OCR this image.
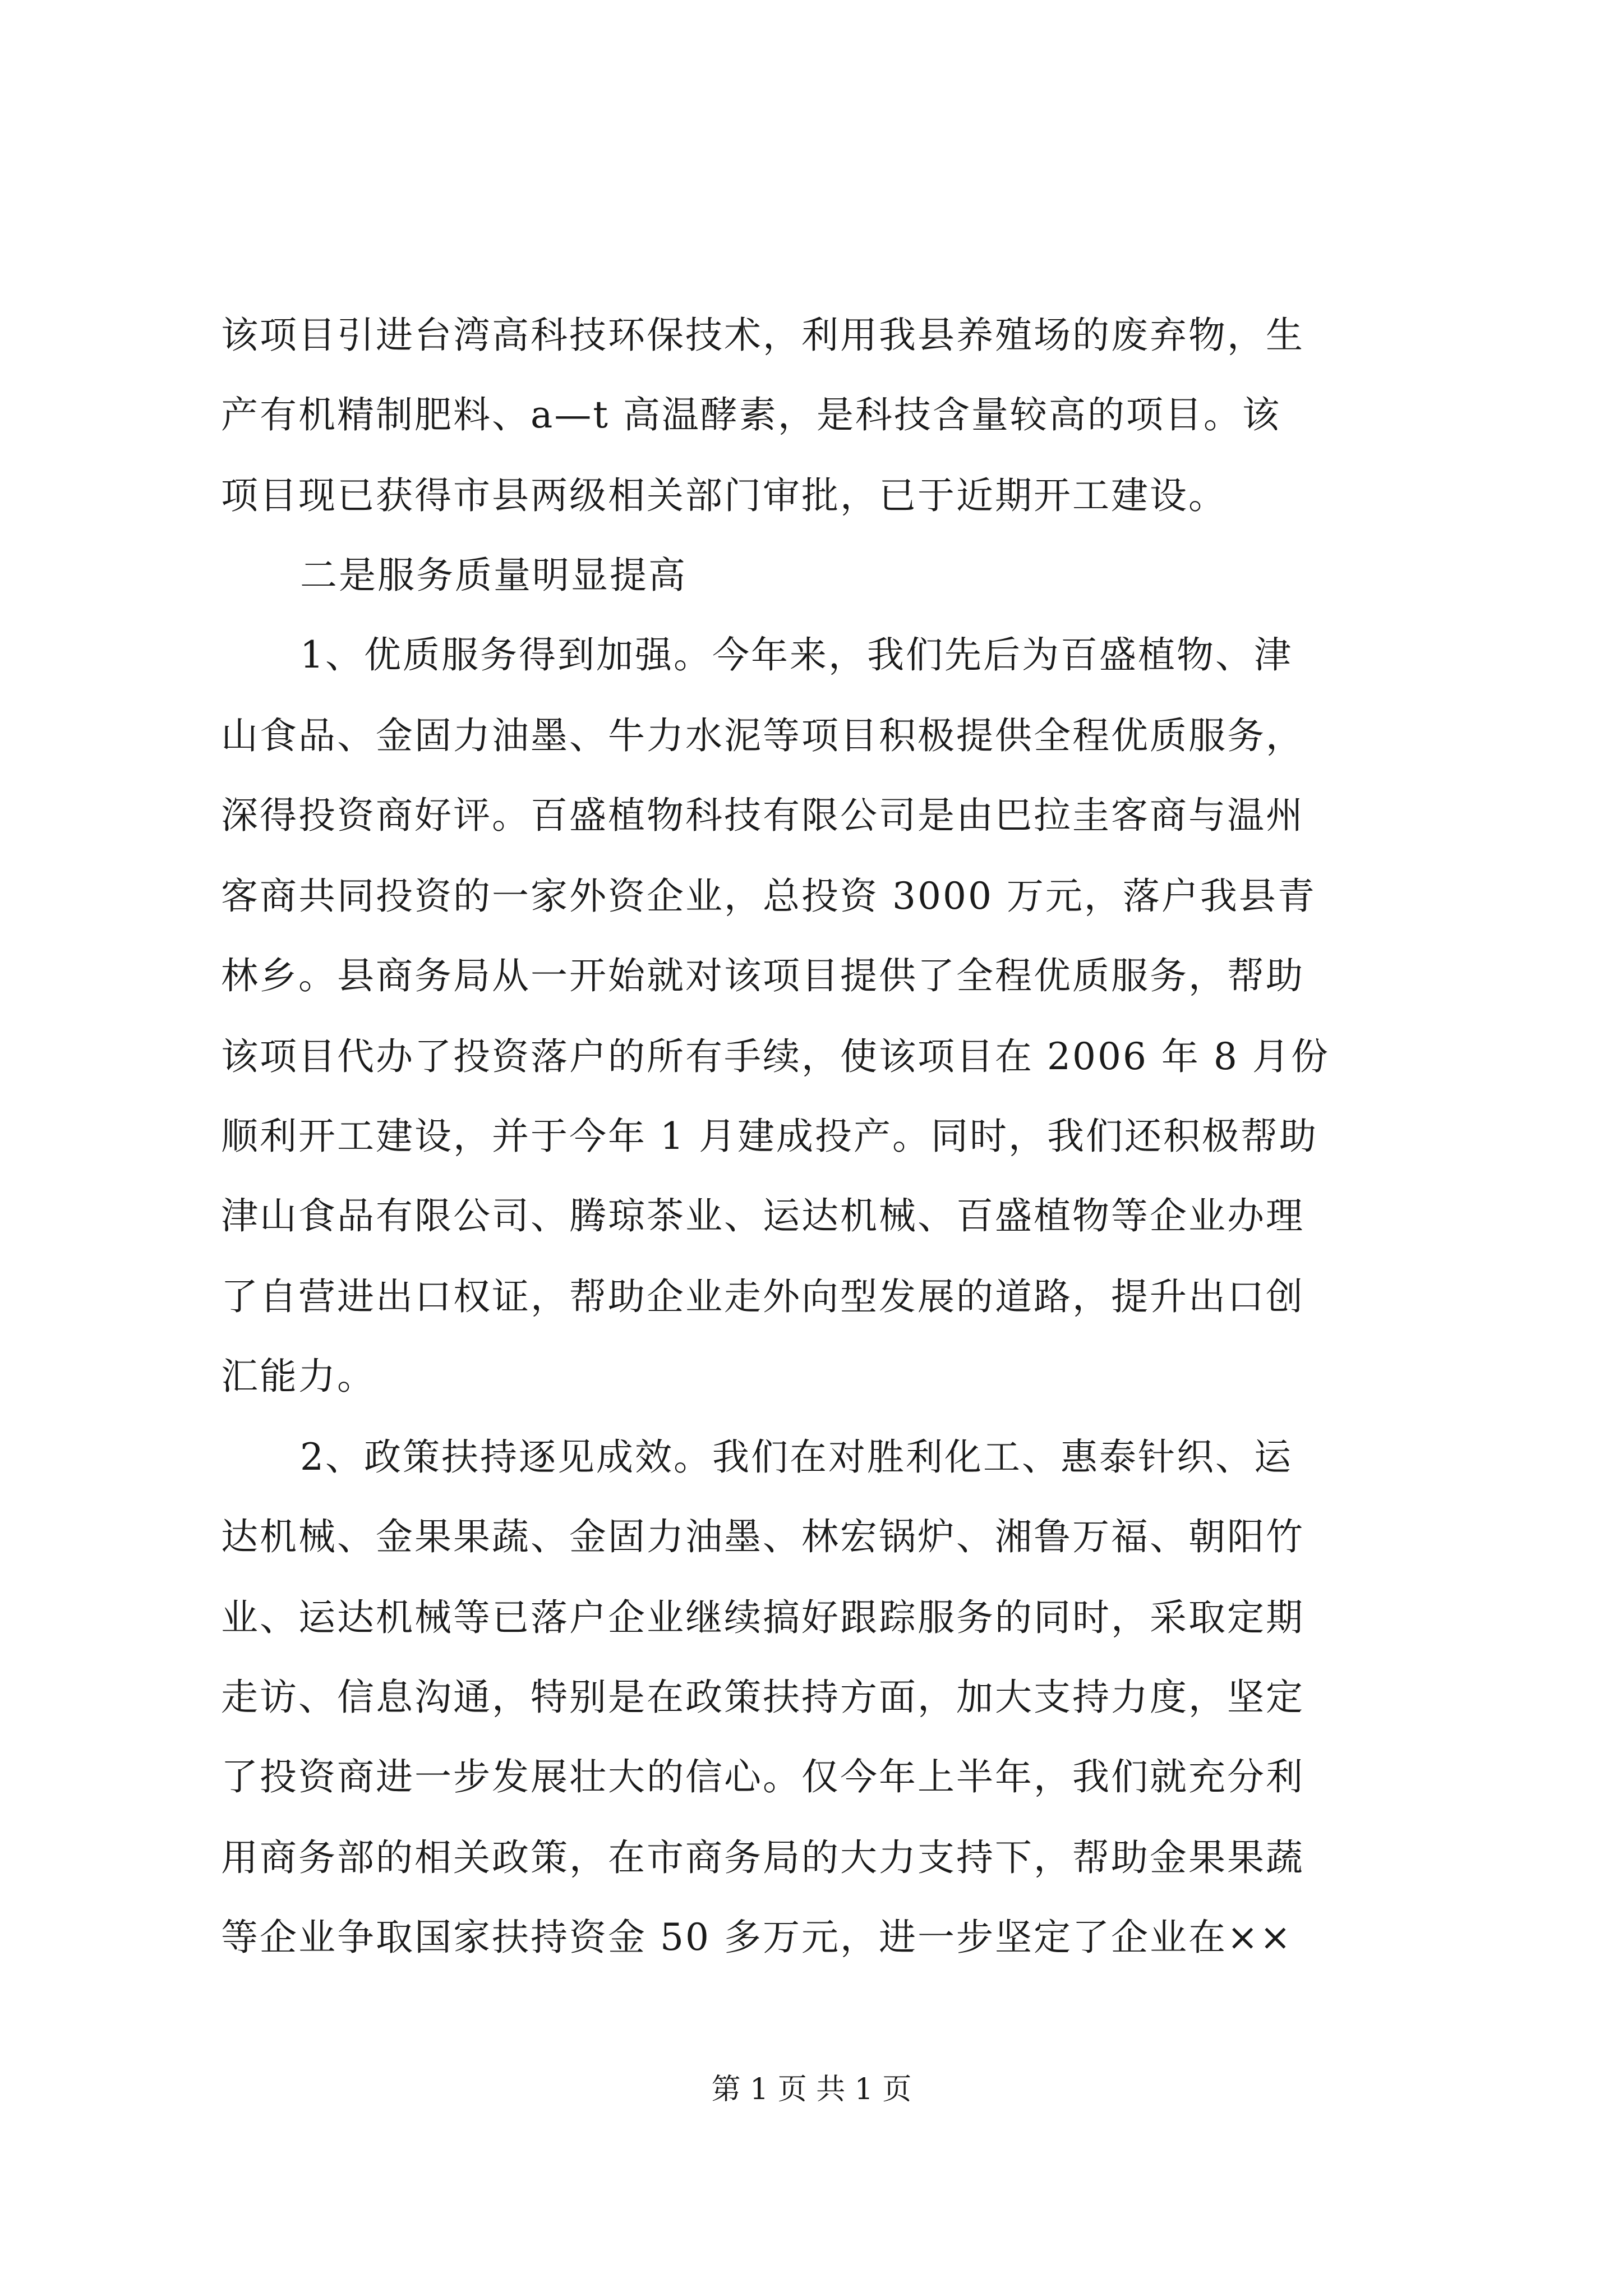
该项目引进台湾高科技环保技术，利用我县养殖场的废弃物，生
产有机精制肥料、a—t 高温酵素，是科技含量较高的项目。该
项目现已获得市县两级相关部门审批，已于近期开工建设。
二是服务质量明显提高
1、优质服务得到加强。今年来，我们先后为百盛植物、津
山食品、金固力油墨、牛力水泥等项目积极提供全程优质服务，
深得投资商好评。百盛植物科技有限公司是由巴拉圭客商与温州
客商共同投资的一家外资企业，总投资 3000 万元，落户我县青
林乡。县商务局从一开始就对该项目提供了全程优质服务，帮助
该项目代办了投资落户的所有手续，使该项目在 2006 年 8 月份
顺利开工建设，并于今年 1 月建成投产。同时，我们还积极帮助
津山食品有限公司、腾琼茶业、运达机械、百盛植物等企业办理
了自营进出口权证，帮助企业走外向型发展的道路，提升出口创
汇能力。
2、政策扶持逐见成效。我们在对胜利化工、惠泰针织、运
达机械、金果果蔬、金固力油墨、林宏锅炉、湘鲁万福、朝阳竹
业、运达机械等已落户企业继续搞好跟踪服务的同时，采取定期
走访、信息沟通，特别是在政策扶持方面，加大支持力度，坚定
了投资商进一步发展壮大的信心。仅今年上半年，我们就充分利
用商务部的相关政策，在市商务局的大力支持下，帮助金果果蔬
等企业争取国家扶持资金 50 多万元，进一步坚定了企业在××
第 1 页 共 1 页
